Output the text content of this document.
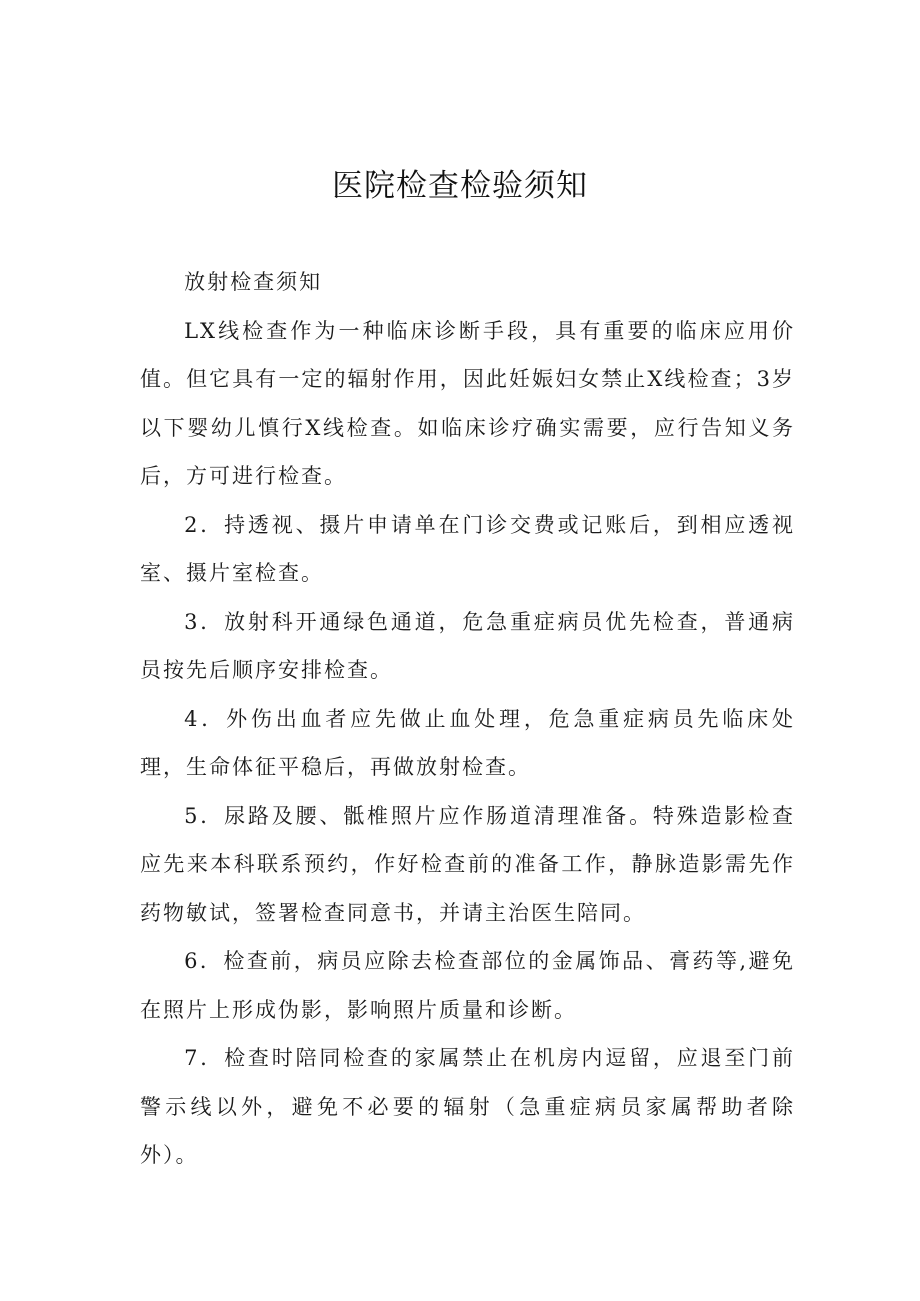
医院检查检验须知

放射检查须知

LX线检查作为一种临床诊断手段，具有重要的临床应用价值。但它具有一定的辐射作用，因此妊娠妇女禁止X线检查；3岁以下婴幼儿慎行X线检查。如临床诊疗确实需要，应行告知义务后，方可进行检查。

2．持透视、摄片申请单在门诊交费或记账后，到相应透视室、摄片室检查。

3．放射科开通绿色通道，危急重症病员优先检查，普通病员按先后顺序安排检查。

4．外伤出血者应先做止血处理，危急重症病员先临床处理，生命体征平稳后，再做放射检查。

5．尿路及腰、骶椎照片应作肠道清理准备。特殊造影检查应先来本科联系预约，作好检查前的准备工作，静脉造影需先作药物敏试，签署检查同意书，并请主治医生陪同。

6．检查前，病员应除去检查部位的金属饰品、膏药等,避免在照片上形成伪影，影响照片质量和诊断。

7．检查时陪同检查的家属禁止在机房内逗留，应退至门前警示线以外，避免不必要的辐射（急重症病员家属帮助者除外）。
